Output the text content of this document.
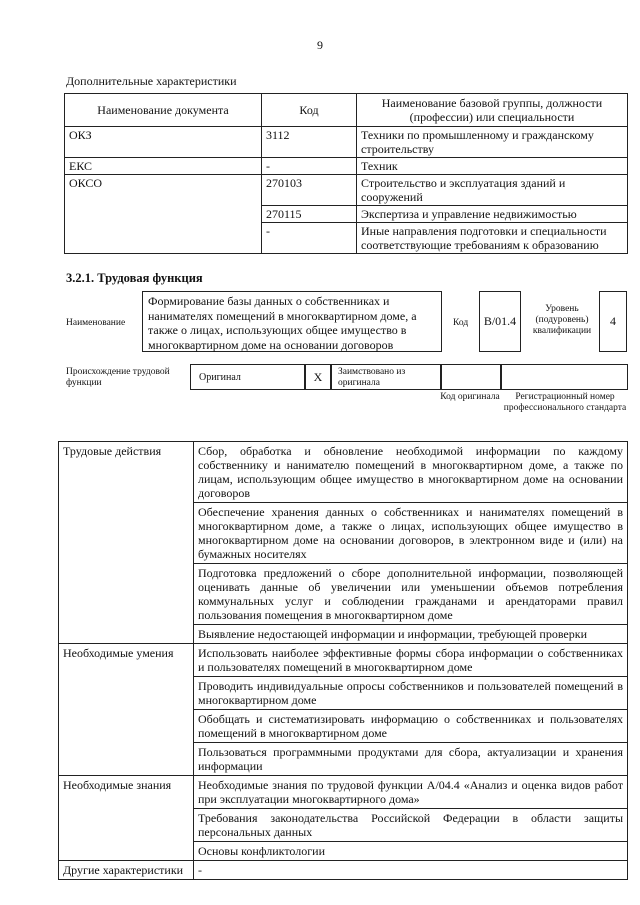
9
Дополнительные характеристики
Наименование документа	Код	Наименование базовой группы, должности (профессии) или специальности
ОКЗ	3112	Техники по промышленному и гражданскому строительству
ЕКС	-	Техник
ОКСО	270103	Строительство и эксплуатация зданий и сооружений
	270115	Экспертиза и управление недвижимостью
	-	Иные направления подготовки и специальности соответствующие требованиям к образованию
3.2.1. Трудовая функция
Наименование
Формирование базы данных о собственниках и нанимателях помещений в многоквартирном доме, а также о лицах, использующих общее имущество в многоквартирном доме на основании договоров
Код	B/01.4
Уровень (подуровень) квалификации
4
Происхождение трудовой функции	Оригинал	X	Заимствовано из оригинала
Код оригинала	Регистрационный номер профессионального стандарта
Трудовые действия	Сбор, обработка и обновление необходимой информации по каждому собственнику и нанимателю помещений в многоквартирном доме, а также по лицам, использующим общее имущество в многоквартирном доме на основании договоров
	Обеспечение хранения данных о собственниках и нанимателях помещений в многоквартирном доме, а также о лицах, использующих общее имущество в многоквартирном доме на основании договоров, в электронном виде и (или) на бумажных носителях
	Подготовка предложений о сборе дополнительной информации, позволяющей оценивать данные об увеличении или уменьшении объемов потребления коммунальных услуг и соблюдении гражданами и арендаторами правил пользования помещения в многоквартирном доме
	Выявление недостающей информации и информации, требующей проверки
Необходимые умения	Использовать наиболее эффективные формы сбора информации о собственниках и пользователях помещений в многоквартирном доме
	Проводить индивидуальные опросы собственников и пользователей помещений в многоквартирном доме
	Обобщать и систематизировать информацию о собственниках и пользователях помещений в многоквартирном доме
	Пользоваться программными продуктами для сбора, актуализации и хранения информации
Необходимые знания	Необходимые знания по трудовой функции А/04.4 «Анализ и оценка видов работ при эксплуатации многоквартирного дома»
	Требования законодательства Российской Федерации в области защиты персональных данных
	Основы конфликтологии
Другие характеристики	-
